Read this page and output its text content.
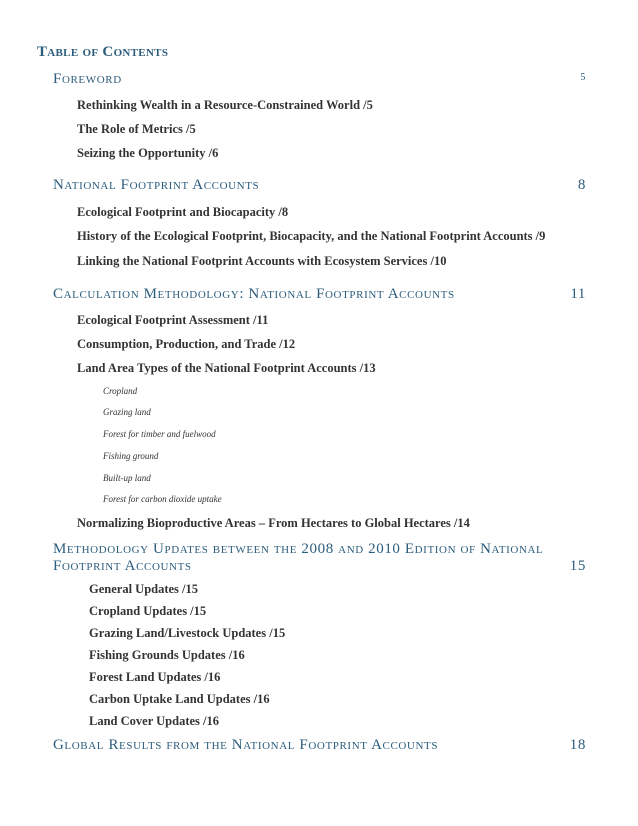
Table of Contents
Foreword	5
Rethinking Wealth in a Resource-Constrained World /5
The Role of Metrics /5
Seizing the Opportunity /6
National Footprint Accounts	8
Ecological Footprint and Biocapacity /8
History of the Ecological Footprint, Biocapacity, and the National Footprint Accounts /9
Linking the National Footprint Accounts with Ecosystem Services /10
Calculation Methodology: National Footprint Accounts	11
Ecological Footprint Assessment /11
Consumption, Production, and Trade /12
Land Area Types of the National Footprint Accounts /13
Cropland
Grazing land
Forest for timber and fuelwood
Fishing ground
Built-up land
Forest for carbon dioxide uptake
Normalizing Bioproductive Areas – From Hectares to Global Hectares /14
Methodology Updates between the 2008 and 2010 Edition of National
Footprint Accounts	15
General Updates /15
Cropland Updates /15
Grazing Land/Livestock Updates /15
Fishing Grounds Updates /16
Forest Land Updates /16
Carbon Uptake Land Updates /16
Land Cover Updates /16
Global Results from the National Footprint Accounts	18
